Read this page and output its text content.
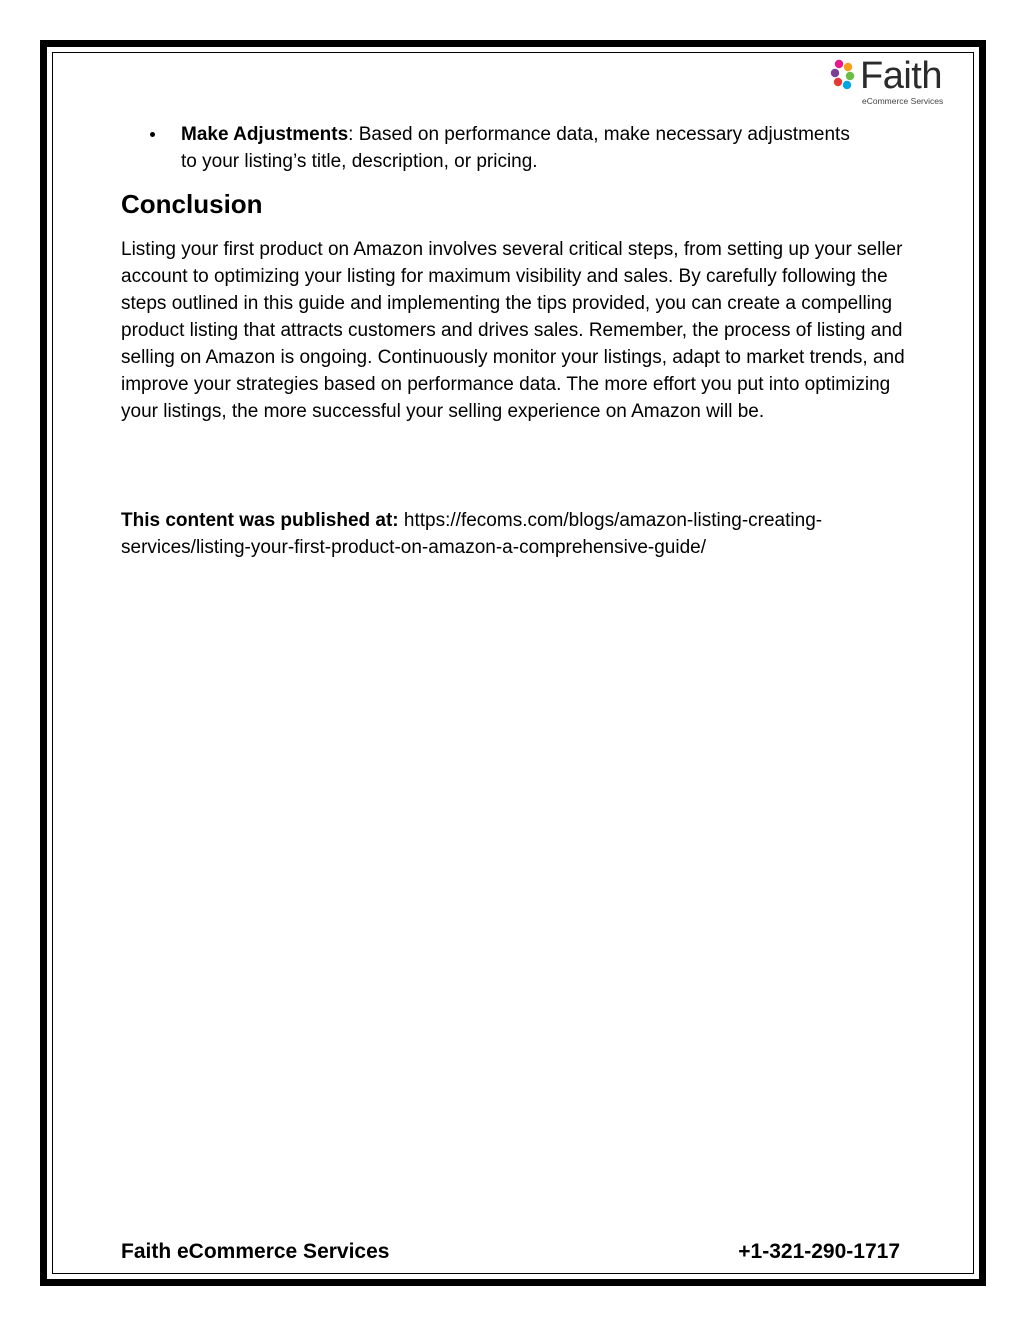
Faith
eCommerce Services
Make Adjustments: Based on performance data, make necessary adjustments to your listing’s title, description, or pricing.
Conclusion

Listing your first product on Amazon involves several critical steps, from setting up your seller account to optimizing your listing for maximum visibility and sales. By carefully following the steps outlined in this guide and implementing the tips provided, you can create a compelling product listing that attracts customers and drives sales. Remember, the process of listing and selling on Amazon is ongoing. Continuously monitor your listings, adapt to market trends, and improve your strategies based on performance data. The more effort you put into optimizing your listings, the more successful your selling experience on Amazon will be.

This content was published at: https://fecoms.com/blogs/amazon-listing-creating-services/listing-your-first-product-on-amazon-a-comprehensive-guide/

Faith eCommerce Services	+1-321-290-1717
